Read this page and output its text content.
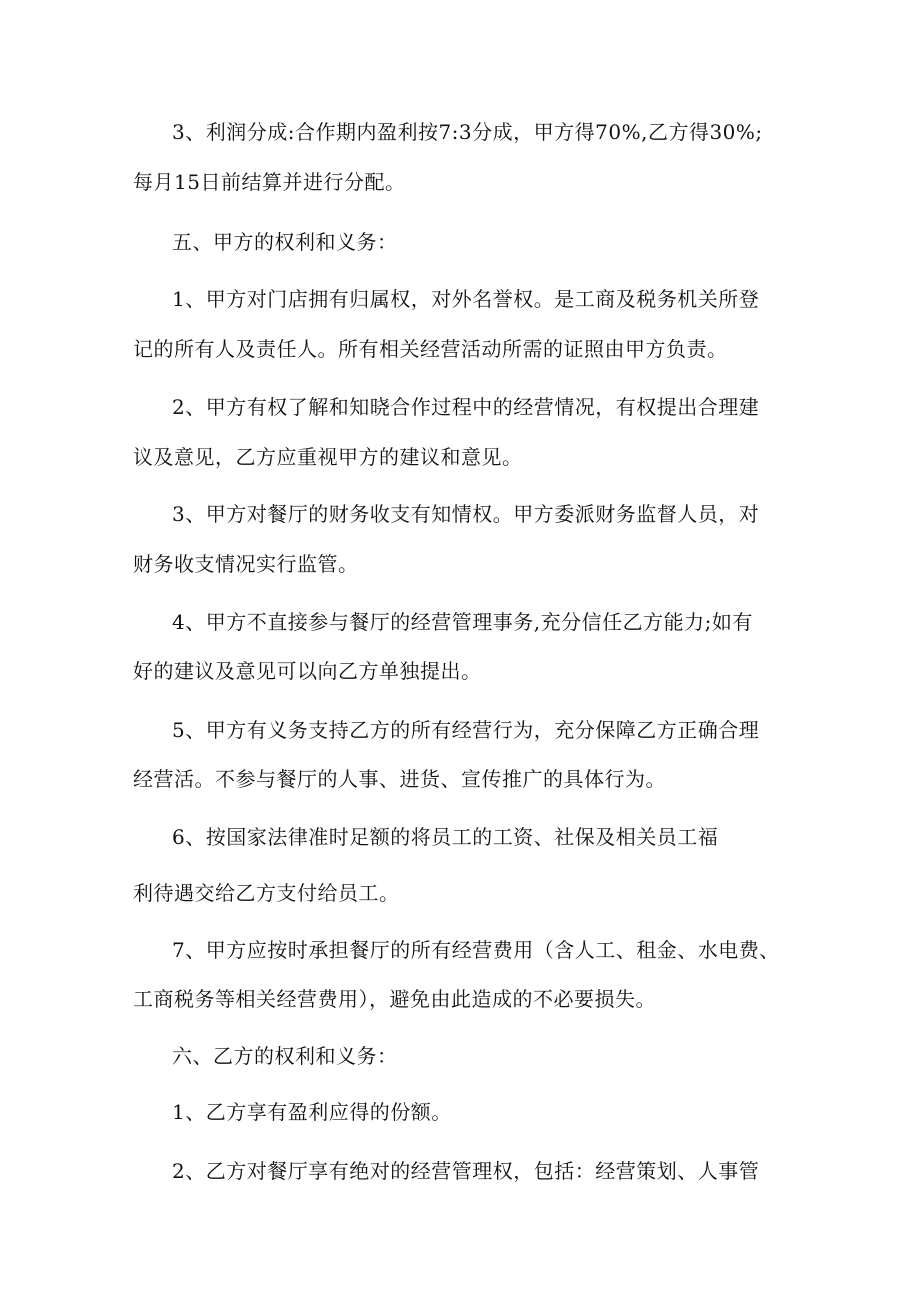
3、利润分成:合作期内盈利按7:3分成，甲方得70%,乙方得30%;
每月15日前结算并进行分配。
五、甲方的权利和义务：
1、甲方对门店拥有归属权，对外名誉权。是工商及税务机关所登
记的所有人及责任人。所有相关经营活动所需的证照由甲方负责。
2、甲方有权了解和知晓合作过程中的经营情况，有权提出合理建
议及意见，乙方应重视甲方的建议和意见。
3、甲方对餐厅的财务收支有知情权。甲方委派财务监督人员，对
财务收支情况实行监管。
4、甲方不直接参与餐厅的经营管理事务,充分信任乙方能力;如有
好的建议及意见可以向乙方单独提出。
5、甲方有义务支持乙方的所有经营行为，充分保障乙方正确合理
经营活。不参与餐厅的人事、进货、宣传推广的具体行为。
6、按国家法律准时足额的将员工的工资、社保及相关员工福
利待遇交给乙方支付给员工。
7、甲方应按时承担餐厅的所有经营费用（含人工、租金、水电费、
工商税务等相关经营费用），避免由此造成的不必要损失。
六、乙方的权利和义务：
1、乙方享有盈利应得的份额。
2、乙方对餐厅享有绝对的经营管理权，包括：经营策划、人事管
